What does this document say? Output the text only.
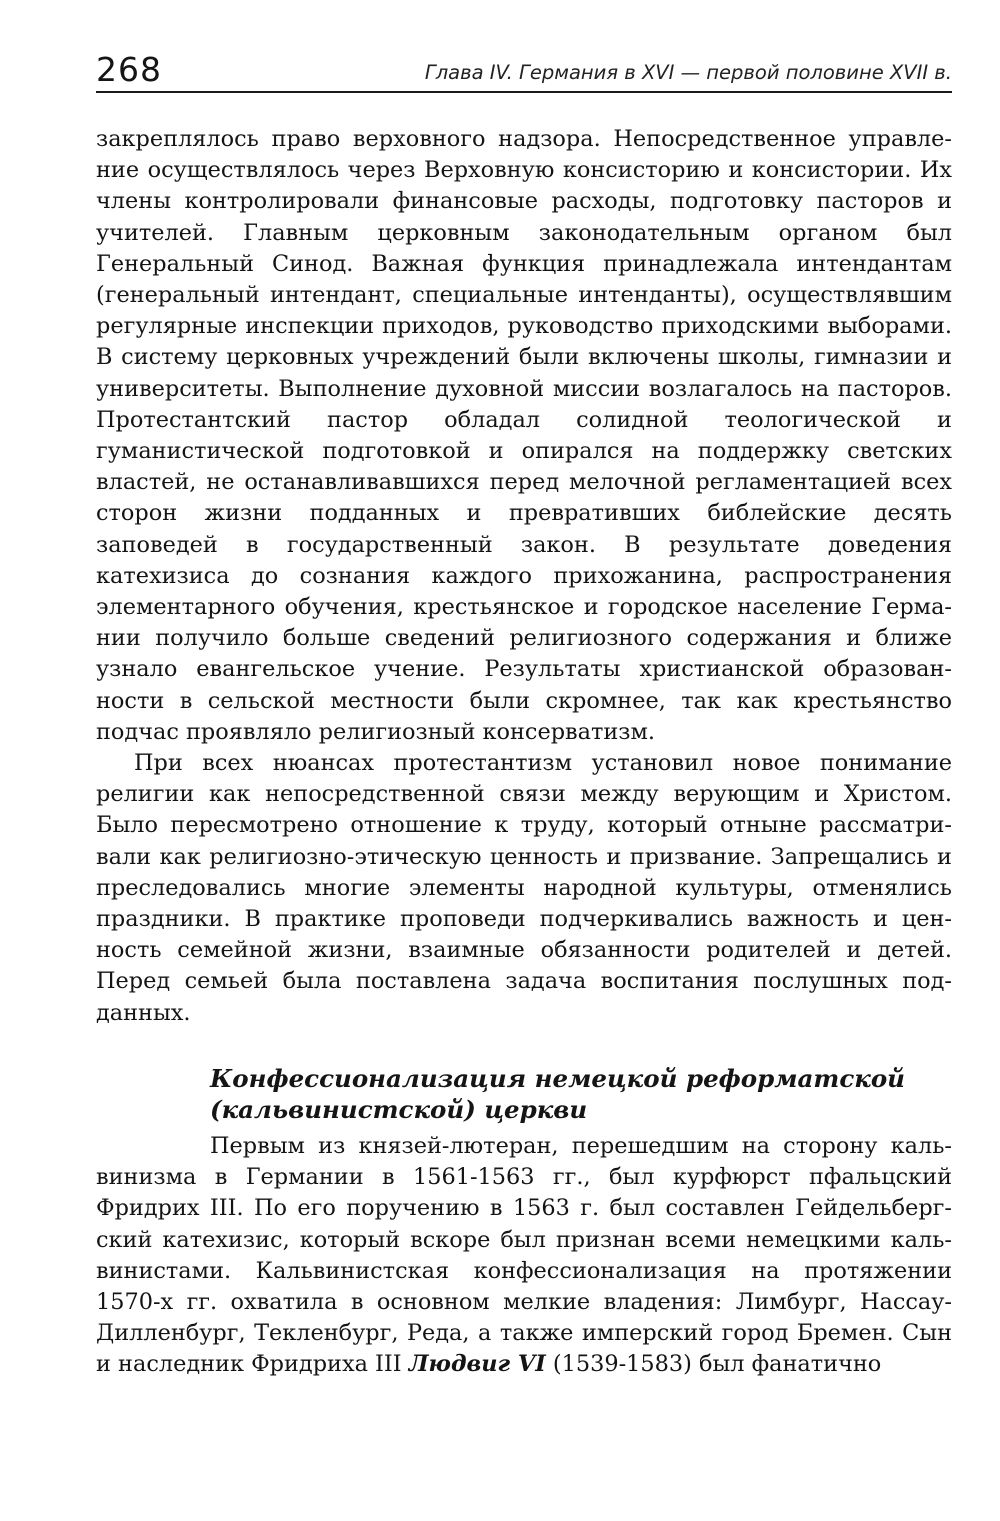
268	Глава IV. Германия в XVI — первой половине XVII в.

закреплялось право верховного надзора. Непосредственное управление осуществлялось через Верховную консисторию и консистории. Их члены контролировали финансовые расходы, подготовку пасторов и учителей. Главным церковным законодательным органом был Генеральный Синод. Важная функция принадлежала интендантам (генеральный интендант, специальные интенданты), осуществлявшим регулярные инспекции приходов, руководство приходскими выборами. В систему церковных учреждений были включены школы, гимназии и университеты. Выполнение духовной миссии возлагалось на пасторов. Протестантский пастор обладал солидной теологической и гуманистической подготовкой и опирался на поддержку светских властей, не останавливавшихся перед мелочной регламентацией всех сторон жизни подданных и превративших библейские десять заповедей в государственный закон. В результате доведения катехизиса до сознания каждого прихожанина, распространения элементарного обучения, крестьянское и городское население Германии получило больше сведений религиозного содержания и ближе узнало евангельское учение. Результаты христианской образованности в сельской местности были скромнее, так как крестьянство подчас проявляло религиозный консерватизм.

При всех нюансах протестантизм установил новое понимание религии как непосредственной связи между верующим и Христом. Было пересмотрено отношение к труду, который отныне рассматривали как религиозно-этическую ценность и призвание. Запрещались и преследовались многие элементы народной культуры, отменялись праздники. В практике проповеди подчеркивались важность и ценность семейной жизни, взаимные обязанности родителей и детей. Перед семьей была поставлена задача воспитания послушных подданных.

Конфессионализация немецкой реформатской
(кальвинистской) церкви

Первым из князей-лютеран, перешедшим на сторону кальвинизма в Германии в 1561-1563 гг., был курфюрст пфальцский Фридрих III. По его поручению в 1563 г. был составлен Гейдельбергский катехизис, который вскоре был признан всеми немецкими кальвинистами. Кальвинистская конфессионализация на протяжении 1570-х гг. охватила в основном мелкие владения: Лимбург, Нассау-Дилленбург, Текленбург, Реда, а также имперский город Бремен. Сын и наследник Фридриха III Людвиг VI (1539-1583) был фанатично
